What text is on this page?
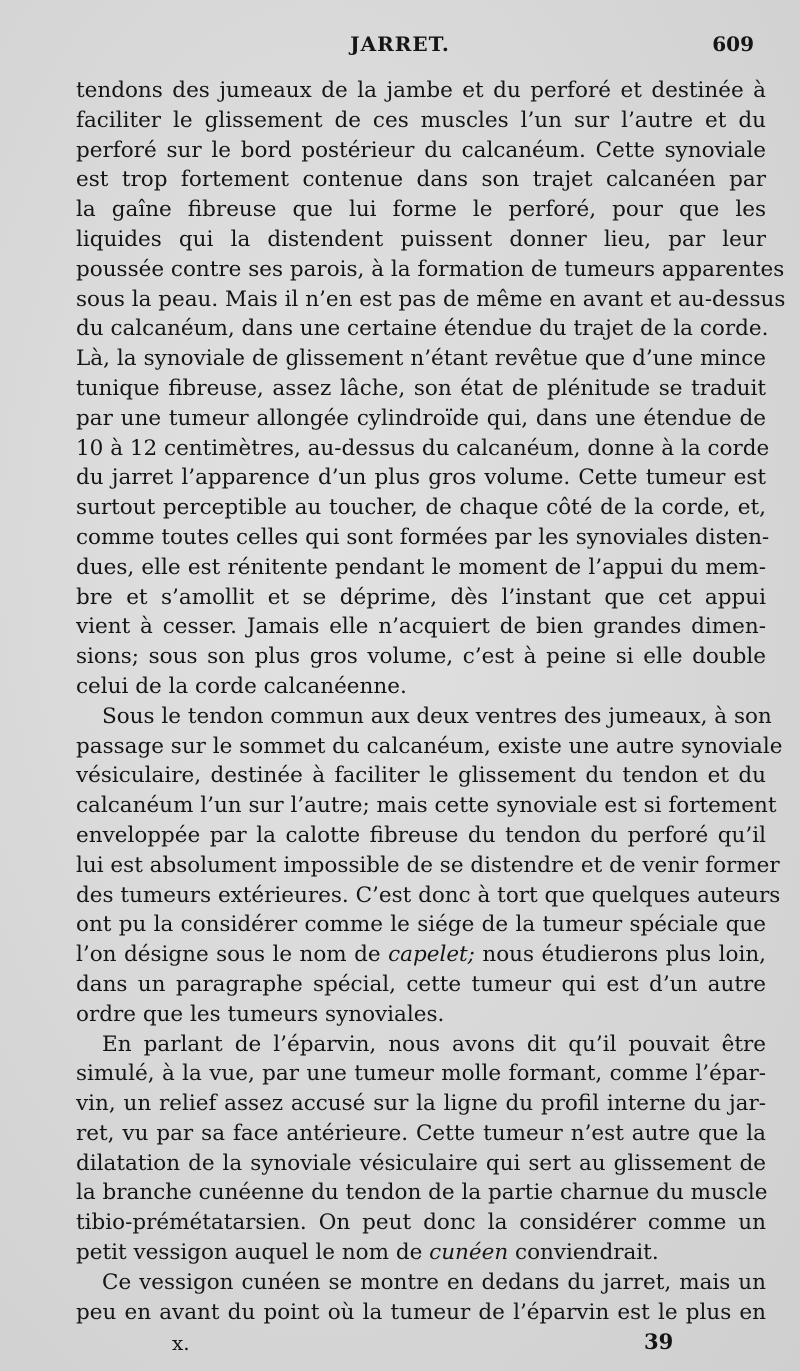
JARRET.	609
tendons des jumeaux de la jambe et du perforé et destinée à
faciliter le glissement de ces muscles l’un sur l’autre et du
perforé sur le bord postérieur du calcanéum. Cette synoviale
est trop fortement contenue dans son trajet calcanéen par
la gaîne fibreuse que lui forme le perforé, pour que les
liquides qui la distendent puissent donner lieu, par leur
poussée contre ses parois, à la formation de tumeurs apparentes
sous la peau. Mais il n’en est pas de même en avant et au-dessus
du calcanéum, dans une certaine étendue du trajet de la corde.
Là, la synoviale de glissement n’étant revêtue que d’une mince
tunique fibreuse, assez lâche, son état de plénitude se traduit
par une tumeur allongée cylindroïde qui, dans une étendue de
10 à 12 centimètres, au-dessus du calcanéum, donne à la corde
du jarret l’apparence d’un plus gros volume. Cette tumeur est
surtout perceptible au toucher, de chaque côté de la corde, et,
comme toutes celles qui sont formées par les synoviales disten-
dues, elle est rénitente pendant le moment de l’appui du mem-
bre et s’amollit et se déprime, dès l’instant que cet appui
vient à cesser. Jamais elle n’acquiert de bien grandes dimen-
sions; sous son plus gros volume, c’est à peine si elle double
celui de la corde calcanéenne.
Sous le tendon commun aux deux ventres des jumeaux, à son
passage sur le sommet du calcanéum, existe une autre synoviale
vésiculaire, destinée à faciliter le glissement du tendon et du
calcanéum l’un sur l’autre; mais cette synoviale est si fortement
enveloppée par la calotte fibreuse du tendon du perforé qu’il
lui est absolument impossible de se distendre et de venir former
des tumeurs extérieures. C’est donc à tort que quelques auteurs
ont pu la considérer comme le siége de la tumeur spéciale que
l’on désigne sous le nom de capelet; nous étudierons plus loin,
dans un paragraphe spécial, cette tumeur qui est d’un autre
ordre que les tumeurs synoviales.
En parlant de l’éparvin, nous avons dit qu’il pouvait être
simulé, à la vue, par une tumeur molle formant, comme l’épar-
vin, un relief assez accusé sur la ligne du profil interne du jar-
ret, vu par sa face antérieure. Cette tumeur n’est autre que la
dilatation de la synoviale vésiculaire qui sert au glissement de
la branche cunéenne du tendon de la partie charnue du muscle
tibio-prémétatarsien. On peut donc la considérer comme un
petit vessigon auquel le nom de cunéen conviendrait.
Ce vessigon cunéen se montre en dedans du jarret, mais un
peu en avant du point où la tumeur de l’éparvin est le plus en
x.	39
